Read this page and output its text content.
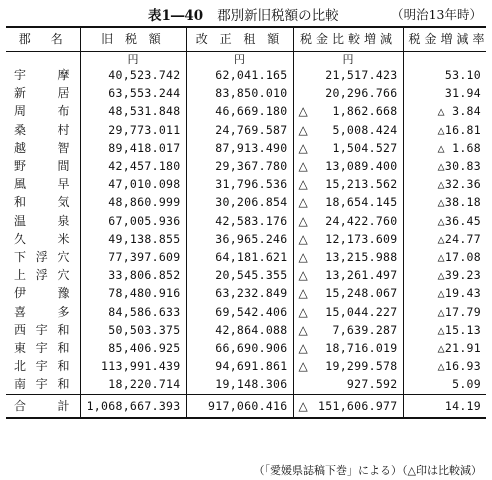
表1―40 郡別新旧税額の比較	（明治13年時）
郡　名	旧 税 額	改 正 租 額	税金比較増減	税金増減率
	円	円	円	
宇摩	40,523.742	62,041.165	21,517.423	53.10
新居	63,553.244	83,850.010	20,296.766	31.94
周布	48,531.848	46,669.180	△ 1,862.668	△ 3.84
桑村	29,773.011	24,769.587	△ 5,008.424	△16.81
越智	89,418.017	87,913.490	△ 1,504.527	△ 1.68
野間	42,457.180	29,367.780	△ 13,089.400	△30.83
風早	47,010.098	31,796.536	△ 15,213.562	△32.36
和気	48,860.999	30,206.854	△ 18,654.145	△38.18
温泉	67,005.936	42,583.176	△ 24,422.760	△36.45
久米	49,138.855	36,965.246	△ 12,173.609	△24.77
下浮穴	77,397.609	64,181.621	△ 13,215.988	△17.08
上浮穴	33,806.852	20,545.355	△ 13,261.497	△39.23
伊豫	78,480.916	63,232.849	△ 15,248.067	△19.43
喜多	84,586.633	69,542.406	△ 15,044.227	△17.79
西宇和	50,503.375	42,864.088	△ 7,639.287	△15.13
東宇和	85,406.925	66,690.906	△ 18,716.019	△21.91
北宇和	113,991.439	94,691.861	△ 19,299.578	△16.93
南宇和	18,220.714	19,148.306	927.592	5.09
合計	1,068,667.393	917,060.416	△ 151,606.977	14.19
（「愛媛県誌稿下巻」による）（△印は比較減）
